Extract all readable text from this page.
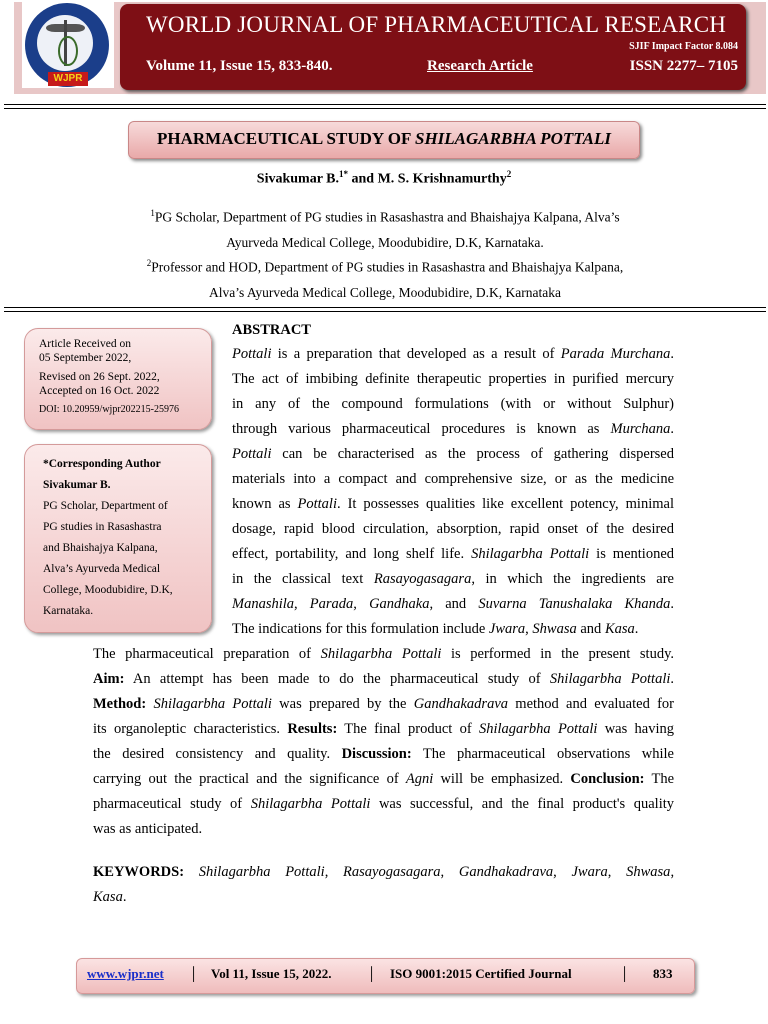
WJPR
WORLD JOURNAL OF PHARMACEUTICAL RESEARCH
SJIF Impact Factor 8.084
Volume 11, Issue 15, 833-840.	Research Article	ISSN 2277– 7105
PHARMACEUTICAL STUDY OF SHILAGARBHA POTTALI
Sivakumar B.$^{1*}$ and M. S. Krishnamurthy$^2$
$^1$PG Scholar, Department of PG studies in Rasashastra and Bhaishajya Kalpana, Alva’s
Ayurveda Medical College, Moodubidire, D.K, Karnataka.
$^2$Professor and HOD, Department of PG studies in Rasashastra and Bhaishajya Kalpana,
Alva’s Ayurveda Medical College, Moodubidire, D.K, Karnataka
Article Received on
05 September 2022,
Revised on 26 Sept. 2022,
Accepted on 16 Oct. 2022
DOI: 10.20959/wjpr202215-25976
*Corresponding Author
Sivakumar B.
PG Scholar, Department of
PG studies in Rasashastra
and Bhaishajya Kalpana,
Alva’s Ayurveda Medical
College, Moodubidire, D.K,
Karnataka.
ABSTRACT
Pottali is a preparation that developed as a result of Parada Murchana.
The act of imbibing definite therapeutic properties in purified mercury
in any of the compound formulations (with or without Sulphur)
through various pharmaceutical procedures is known as Murchana.
Pottali can be characterised as the process of gathering dispersed
materials into a compact and comprehensive size, or as the medicine
known as Pottali. It possesses qualities like excellent potency, minimal
dosage, rapid blood circulation, absorption, rapid onset of the desired
effect, portability, and long shelf life. Shilagarbha Pottali is mentioned
in the classical text Rasayogasagara, in which the ingredients are
Manashila, Parada, Gandhaka, and Suvarna Tanushalaka Khanda.
The indications for this formulation include Jwara, Shwasa and Kasa.
The pharmaceutical preparation of Shilagarbha Pottali is performed in the present study.
Aim: An attempt has been made to do the pharmaceutical study of Shilagarbha Pottali.
Method: Shilagarbha Pottali was prepared by the Gandhakadrava method and evaluated for
its organoleptic characteristics. Results: The final product of Shilagarbha Pottali was having
the desired consistency and quality. Discussion: The pharmaceutical observations while
carrying out the practical and the significance of Agni will be emphasized. Conclusion: The
pharmaceutical study of Shilagarbha Pottali was successful, and the final product's quality
was as anticipated.
KEYWORDS: Shilagarbha Pottali, Rasayogasagara, Gandhakadrava, Jwara, Shwasa,
Kasa.
www.wjpr.net │ Vol 11, Issue 15, 2022.	│ ISO 9001:2015 Certified Journal	│ 833
